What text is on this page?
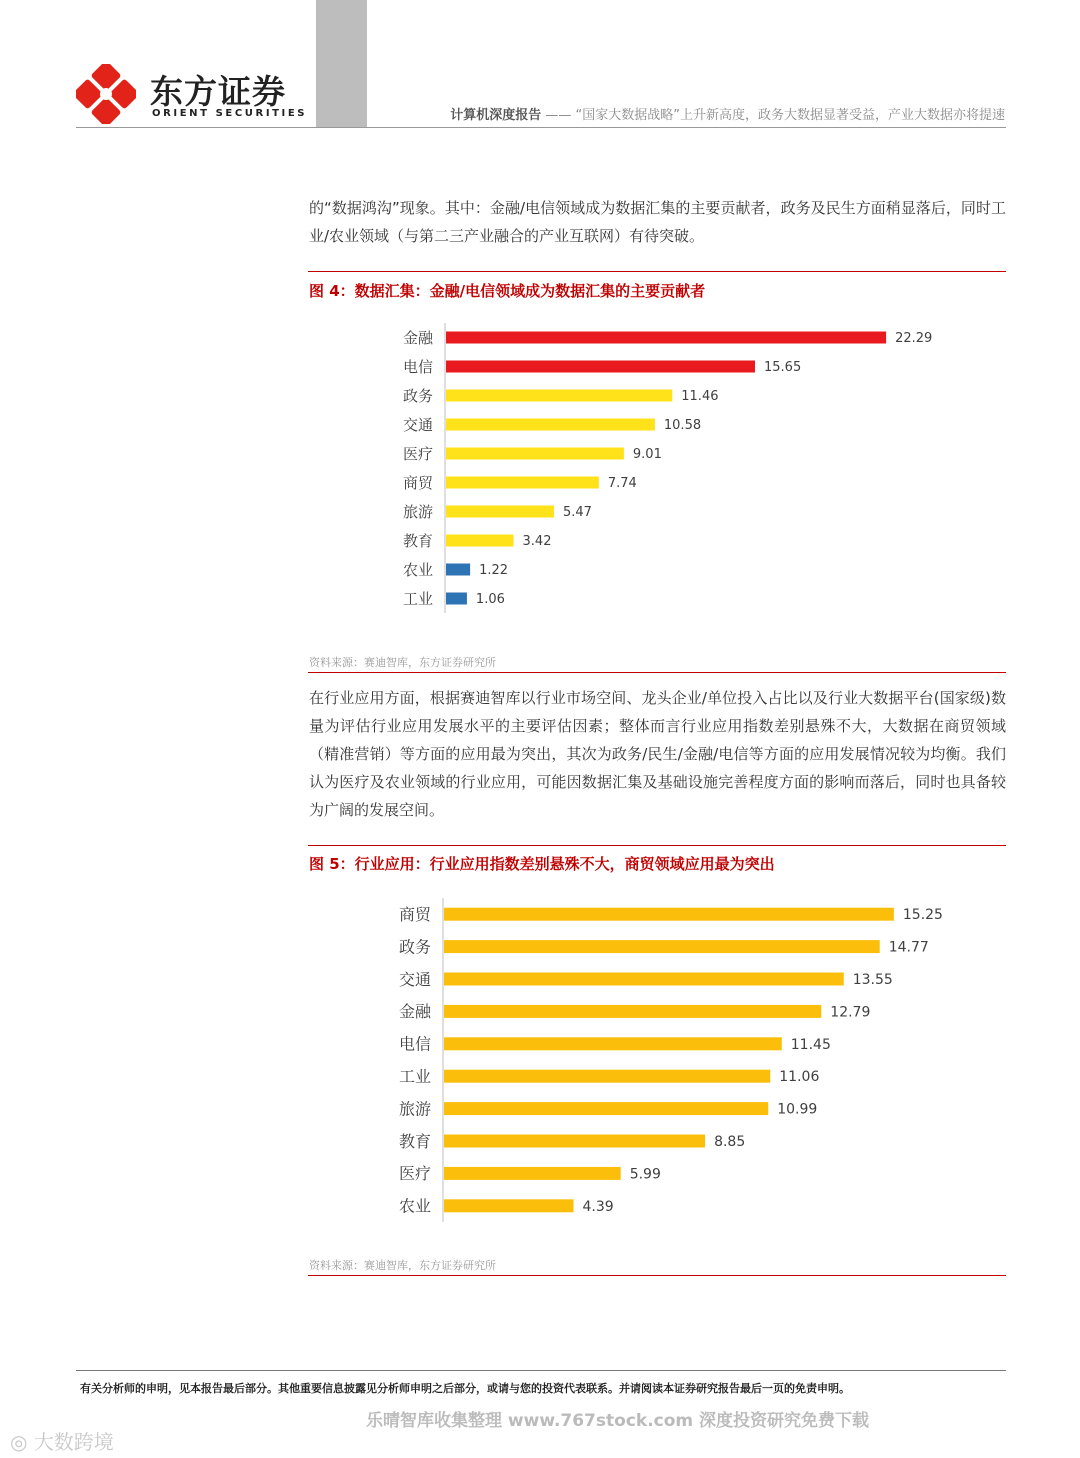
东方证券
ORIENT SECURITIES	计算机深度报告 —— “国家大数据战略”上升新高度，政务大数据显著受益，产业大数据亦将提速
的“数据鸿沟”现象。其中：金融/电信领域成为数据汇集的主要贡献者，政务及民生方面稍显落后，同时工业/农业领域（与第二三产业融合的产业互联网）有待突破。
图 4：数据汇集：金融/电信领域成为数据汇集的主要贡献者
金融	22.29
电信	15.65
政务	11.46
交通	10.58
医疗	9.01
商贸	7.74
旅游	5.47
教育	3.42
农业	1.22
工业	1.06
资料来源：赛迪智库，东方证券研究所
在行业应用方面，根据赛迪智库以行业市场空间、龙头企业/单位投入占比以及行业大数据平台(国家级)数量为评估行业应用发展水平的主要评估因素；整体而言行业应用指数差别悬殊不大，大数据在商贸领域（精准营销）等方面的应用最为突出，其次为政务/民生/金融/电信等方面的应用发展情况较为均衡。我们认为医疗及农业领域的行业应用，可能因数据汇集及基础设施完善程度方面的影响而落后，同时也具备较为广阔的发展空间。
图 5：行业应用：行业应用指数差别悬殊不大，商贸领域应用最为突出
商贸	15.25
政务	14.77
交通	13.55
金融	12.79
电信	11.45
工业	11.06
旅游	10.99
教育	8.85
医疗	5.99
农业	4.39
资料来源：赛迪智库，东方证券研究所
有关分析师的申明，见本报告最后部分。其他重要信息披露见分析师申明之后部分，或请与您的投资代表联系。并请阅读本证券研究报告最后一页的免责申明。
乐晴智库收集整理 www.767stock.com 深度投资研究免费下载
◎ 大数跨境
